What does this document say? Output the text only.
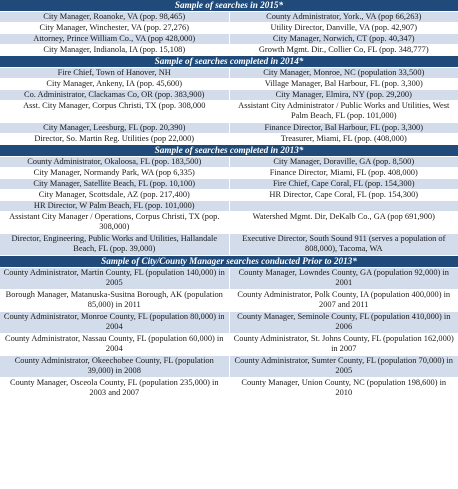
Sample of searches in 2015*	
City Manager, Roanoke, VA (pop. 98,465)	County Administrator, York., VA (pop 66,263)
City Manager, Winchester, VA (pop. 27,276)	Utility Director, Danville, VA (pop. 42,907)
Attorney, Prince William Co., VA (pop 428,000)	City Manager, Norwich, CT (pop. 40,347)
City Manager, Indianola, IA (pop. 15,108)	Growth Mgmt. Dir., Collier Co, FL (pop. 348,777)
Sample of searches completed in 2014*	
Fire Chief, Town of Hanover, NH	City Manager, Monroe, NC (population 33,500)
City Manager, Ankeny, IA (pop. 45,600)	Village Manager, Bal Harbour, FL (pop. 3,300)
Co. Administrator, Clackamas Co, OR (pop. 383,900)	City Manager, Elmira, NY (pop. 29,200)
Asst. City Manager, Corpus Christi, TX (pop. 308,000	Assistant City Administrator / Public Works and Utilities, West Palm Beach, FL (pop. 101,000)
City Manager, Leesburg, FL (pop. 20,390)	Finance Director, Bal Harbour, FL (pop. 3,300)
Director, So. Martin Reg. Utilities (pop 22,000)	Treasurer, Miami, FL (pop. (408,000)
Sample of searches completed in 2013*	
County Administrator, Okaloosa, FL (pop. 183,500)	City Manager, Doraville, GA (pop. 8,500)
City Manager, Normandy Park, WA (pop 6,335)	Finance Director, Miami, FL (pop. 408,000)
City Manager, Satellite Beach, FL (pop. 10,100)	Fire Chief, Cape Coral, FL (pop. 154,300)
City Manager, Scottsdale, AZ (pop. 217,400)	HR Director, Cape Coral, FL (pop. 154,300)
HR Director, W Palm Beach, FL (pop. 101,000)	
Assistant City Manager / Operations, Corpus Christi, TX (pop. 308,000)	Watershed Mgmt. Dir, DeKalb Co., GA (pop 691,900)
Director, Engineering, Public Works and Utilities, Hallandale Beach, FL (pop. 39,000)	Executive Director, South Sound 911 (serves a population of 808,000), Tacoma, WA
Sample of City/County Manager searches conducted Prior to 2013*	
County Administrator, Martin County, FL (population 140,000) in 2005	County Manager, Lowndes County, GA (population 92,000) in 2001
Borough Manager, Matanuska-Susitna Borough, AK (population 85,000) in 2011	County Administrator, Polk County, IA (population 400,000) in 2007 and 2011
County Administrator, Monroe County, FL (population 80,000) in 2004	County Manager, Seminole County, FL (population 410,000) in 2006
County Administrator, Nassau County, FL (population 60,000) in 2004	County Administrator, St. Johns County, FL (population 162,000) in 2007
County Administrator, Okeechobee County, FL (population 39,000) in 2008	County Administrator, Sumter County, FL (population 70,000) in 2005
County Manager, Osceola County, FL (population 235,000) in 2003 and 2007	County Manager, Union County, NC (population 198,600) in 2010
